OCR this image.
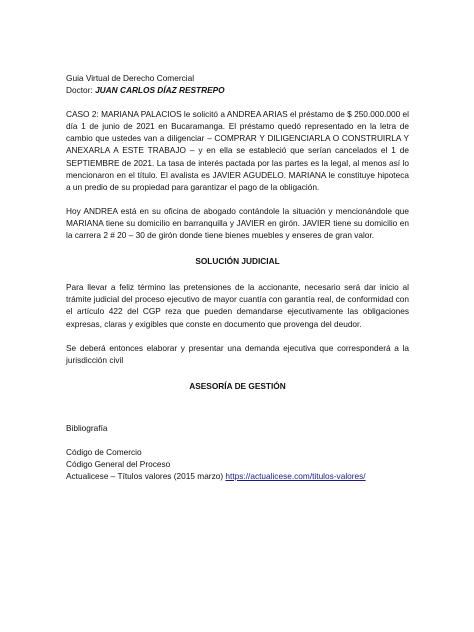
Guia Virtual de Derecho Comercial

Doctor: JUAN CARLOS DÍAZ RESTREPO

CASO 2: MARIANA PALACIOS le solicitó a ANDREA ARIAS el préstamo de $ 250.000.000 el día 1 de junio de 2021 en Bucaramanga. El préstamo quedó representado en la letra de cambio que ustedes van a diligenciar – COMPRAR Y DILIGENCIARLA O CONSTRUIRLA Y ANEXARLA A ESTE TRABAJO – y en ella se estableció que serían cancelados el 1 de SEPTIEMBRE de 2021. La tasa de interés pactada por las partes es la legal, al menos así lo mencionaron en el título. El avalista es JAVIER AGUDELO. MARIANA le constituye hipoteca a un predio de su propiedad para garantizar el pago de la obligación.

Hoy ANDREA está en su oficina de abogado contándole la situación y mencionándole que MARIANA tiene su domicilio en barranquilla y JAVIER en girón. JAVIER tiene su domicilio en la carrera 2 # 20 – 30 de girón donde tiene bienes muebles y enseres de gran valor.

SOLUCIÓN JUDICIAL

Para llevar a feliz término las pretensiones de la accionante, necesario será dar inicio al trámite judicial del proceso ejecutivo de mayor cuantía con garantía real, de conformidad con el artículo 422 del CGP reza que pueden demandarse ejecutivamente las obligaciones expresas, claras y exigibles que conste en documento que provenga del deudor.

Se deberá entonces elaborar y presentar una demanda ejecutiva que corresponderá a la jurisdicción civil

ASESORÍA DE GESTIÓN

Bibliografía

Código de Comercio

Código General del Proceso

Actualicese – Títulos valores (2015 marzo) https://actualicese.com/titulos-valores/
